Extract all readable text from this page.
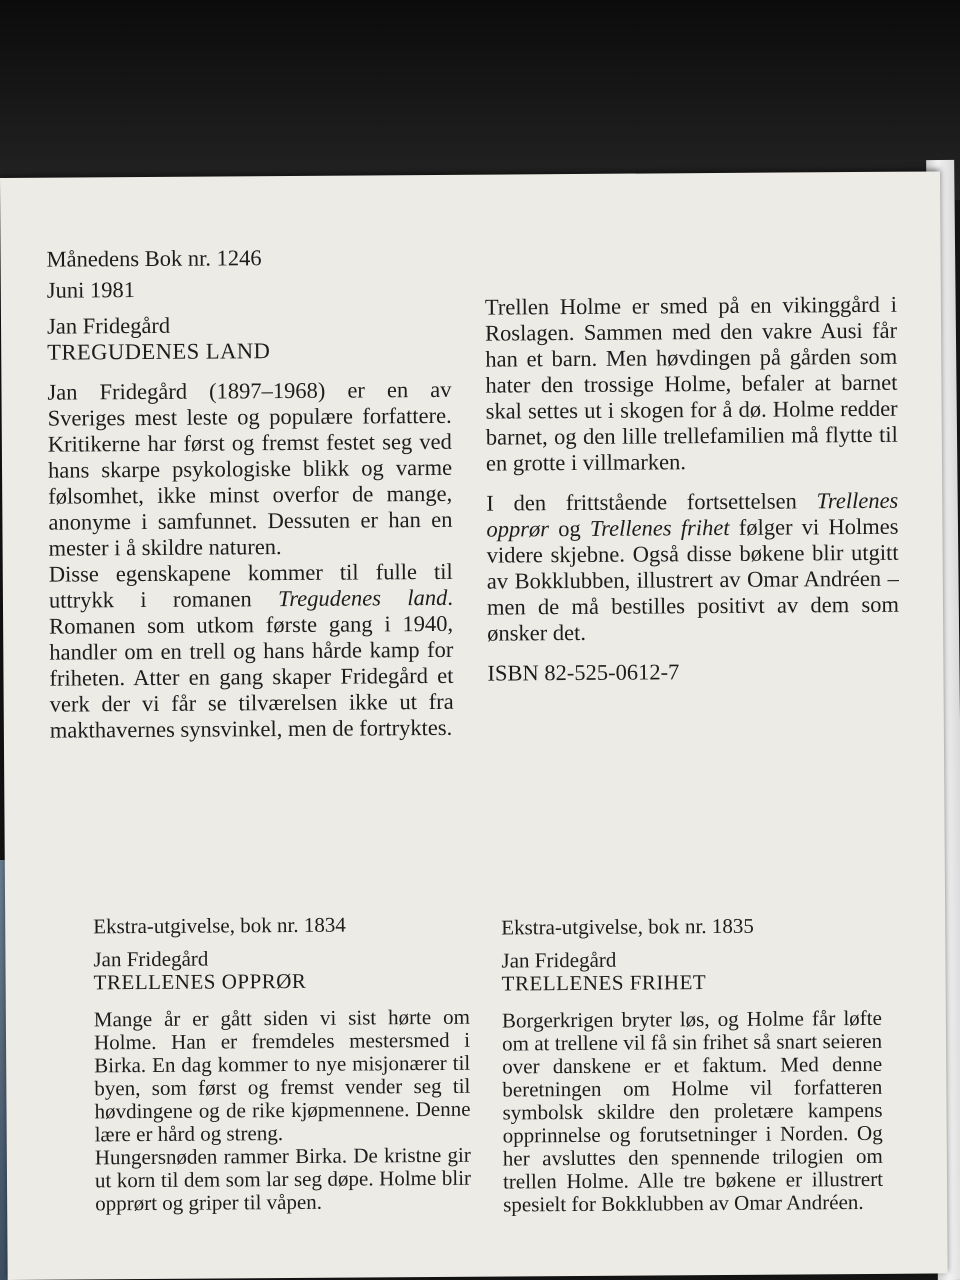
Månedens Bok nr. 1246
Juni 1981
Jan Fridegård
TREGUDENES LAND

Jan Fridegård (1897–1968) er en av Sveriges mest leste og populære forfattere. Kritikerne har først og fremst festet seg ved hans skarpe psykologiske blikk og varme følsomhet, ikke minst overfor de mange, anonyme i samfunnet. Dessuten er han en mester i å skildre naturen.

Disse egenskapene kommer til fulle til uttrykk i romanen Tregudenes land. Romanen som utkom første gang i 1940, handler om en trell og hans hårde kamp for friheten. Atter en gang skaper Fridegård et verk der vi får se tilværelsen ikke ut fra makthavernes synsvinkel, men de fortryktes.

Trellen Holme er smed på en vikinggård i Roslagen. Sammen med den vakre Ausi får han et barn. Men høvdingen på gården som hater den trossige Holme, befaler at barnet skal settes ut i skogen for å dø. Holme redder barnet, og den lille trellefamilien må flytte til en grotte i villmarken.

I den frittstående fortsettelsen Trellenes opprør og Trellenes frihet følger vi Holmes videre skjebne. Også disse bøkene blir utgitt av Bokklubben, illustrert av Omar Andréen – men de må bestilles positivt av dem som ønsker det.

ISBN 82-525-0612-7
Ekstra-utgivelse, bok nr. 1834
Jan Fridegård
TRELLENES OPPRØR

Mange år er gått siden vi sist hørte om Holme. Han er fremdeles mestersmed i Birka. En dag kommer to nye misjonærer til byen, som først og fremst vender seg til høvdingene og de rike kjøpmennene. Denne lære er hård og streng.

Hungersnøden rammer Birka. De kristne gir ut korn til dem som lar seg døpe. Holme blir opprørt og griper til våpen.

Ekstra-utgivelse, bok nr. 1835
Jan Fridegård
TRELLENES FRIHET

Borgerkrigen bryter løs, og Holme får løfte om at trellene vil få sin frihet så snart seieren over danskene er et faktum. Med denne beretningen om Holme vil forfatteren symbolsk skildre den proletære kampens opprinnelse og forutsetninger i Norden. Og her avsluttes den spennende trilogien om trellen Holme. Alle tre bøkene er illustrert spesielt for Bokklubben av Omar Andréen.
